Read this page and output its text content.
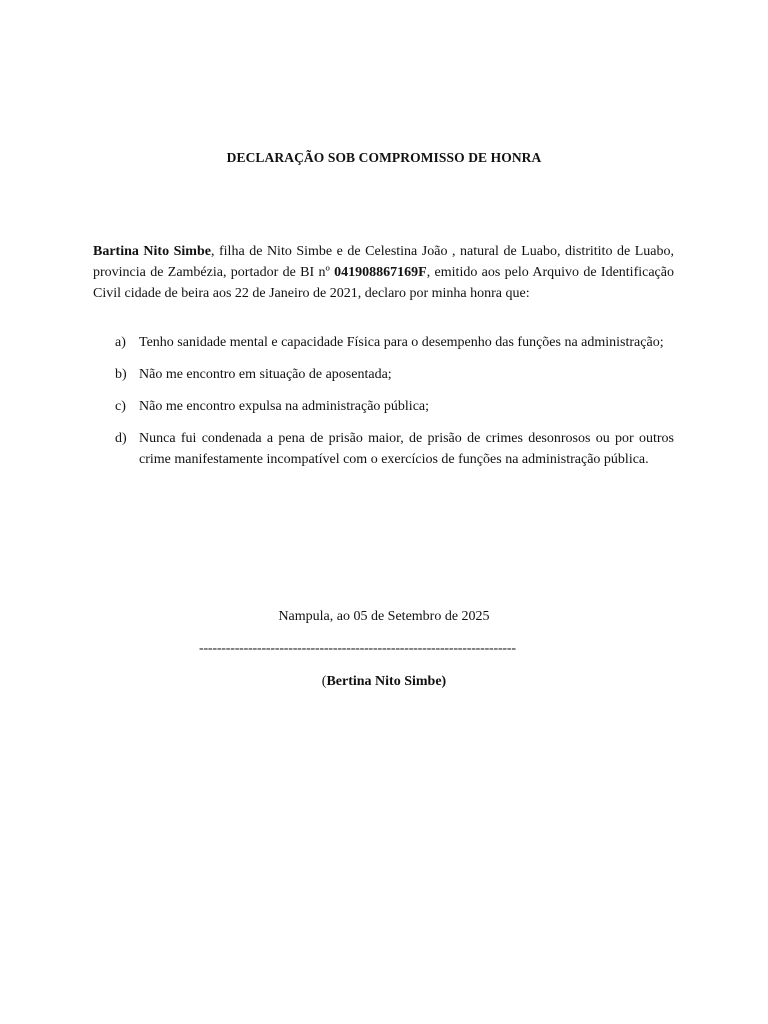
DECLARAÇÃO SOB COMPROMISSO DE HONRA

Bartina Nito Simbe, filha de Nito Simbe e de Celestina João , natural de Luabo, distritito de Luabo, provincia de Zambézia, portador de BI nº 041908867169F, emitido aos pelo Arquivo de Identificação Civil cidade de beira aos 22 de Janeiro de 2021, declaro por minha honra que:

a) Tenho sanidade mental e capacidade Física para o desempenho das funções na administração;
b) Não me encontro em situação de aposentada;
c) Não me encontro expulsa na administração pública;
d) Nunca fui condenada a pena de prisão maior, de prisão de crimes desonrosos ou por outros crime manifestamente incompatível com o exercícios de funções na administração pública.
Nampula, ao 05 de Setembro de 2025
-----------------------------------------------------------------------
(Bertina Nito Simbe)
